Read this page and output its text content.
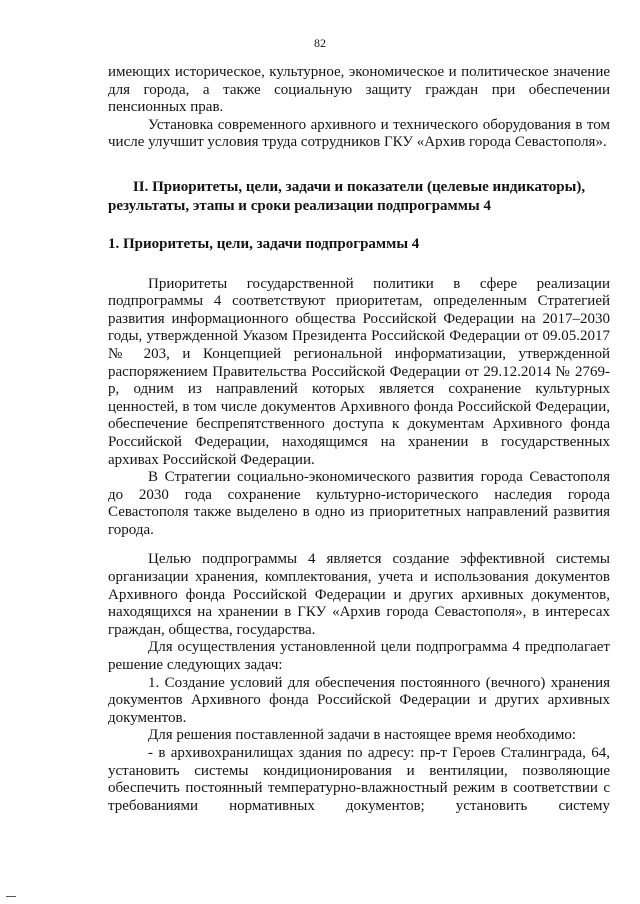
82

имеющих историческое, культурное, экономическое и политическое значение для города, а также социальную защиту граждан при обеспечении пенсионных прав.

Установка современного архивного и технического оборудования в том числе улучшит условия труда сотрудников ГКУ «Архив города Севастополя».

II. Приоритеты, цели, задачи и показатели (целевые индикаторы), результаты, этапы и сроки реализации подпрограммы 4

1. Приоритеты, цели, задачи подпрограммы 4

Приоритеты государственной политики в сфере реализации подпрограммы 4 соответствуют приоритетам, определенным Стратегией развития информационного общества Российской Федерации на 2017–2030 годы, утвержденной Указом Президента Российской Федерации от 09.05.2017 № 203, и Концепцией региональной информатизации, утвержденной распоряжением Правительства Российской Федерации от 29.12.2014 № 2769-р, одним из направлений которых является сохранение культурных ценностей, в том числе документов Архивного фонда Российской Федерации, обеспечение беспрепятственного доступа к документам Архивного фонда Российской Федерации, находящимся на хранении в государственных архивах Российской Федерации.

В Стратегии социально-экономического развития города Севастополя до 2030 года сохранение культурно-исторического наследия города Севастополя также выделено в одно из приоритетных направлений развития города.

Целью подпрограммы 4 является создание эффективной системы организации хранения, комплектования, учета и использования документов Архивного фонда Российской Федерации и других архивных документов, находящихся на хранении в ГКУ «Архив города Севастополя», в интересах граждан, общества, государства.

Для осуществления установленной цели подпрограмма 4 предполагает решение следующих задач:

1. Создание условий для обеспечения постоянного (вечного) хранения документов Архивного фонда Российской Федерации и других архивных документов.

Для решения поставленной задачи в настоящее время необходимо:

- в архивохранилищах здания по адресу: пр-т Героев Сталинграда, 64, установить системы кондиционирования и вентиляции, позволяющие обеспечить постоянный температурно-влажностный режим в соответствии с требованиями нормативных документов; установить систему
